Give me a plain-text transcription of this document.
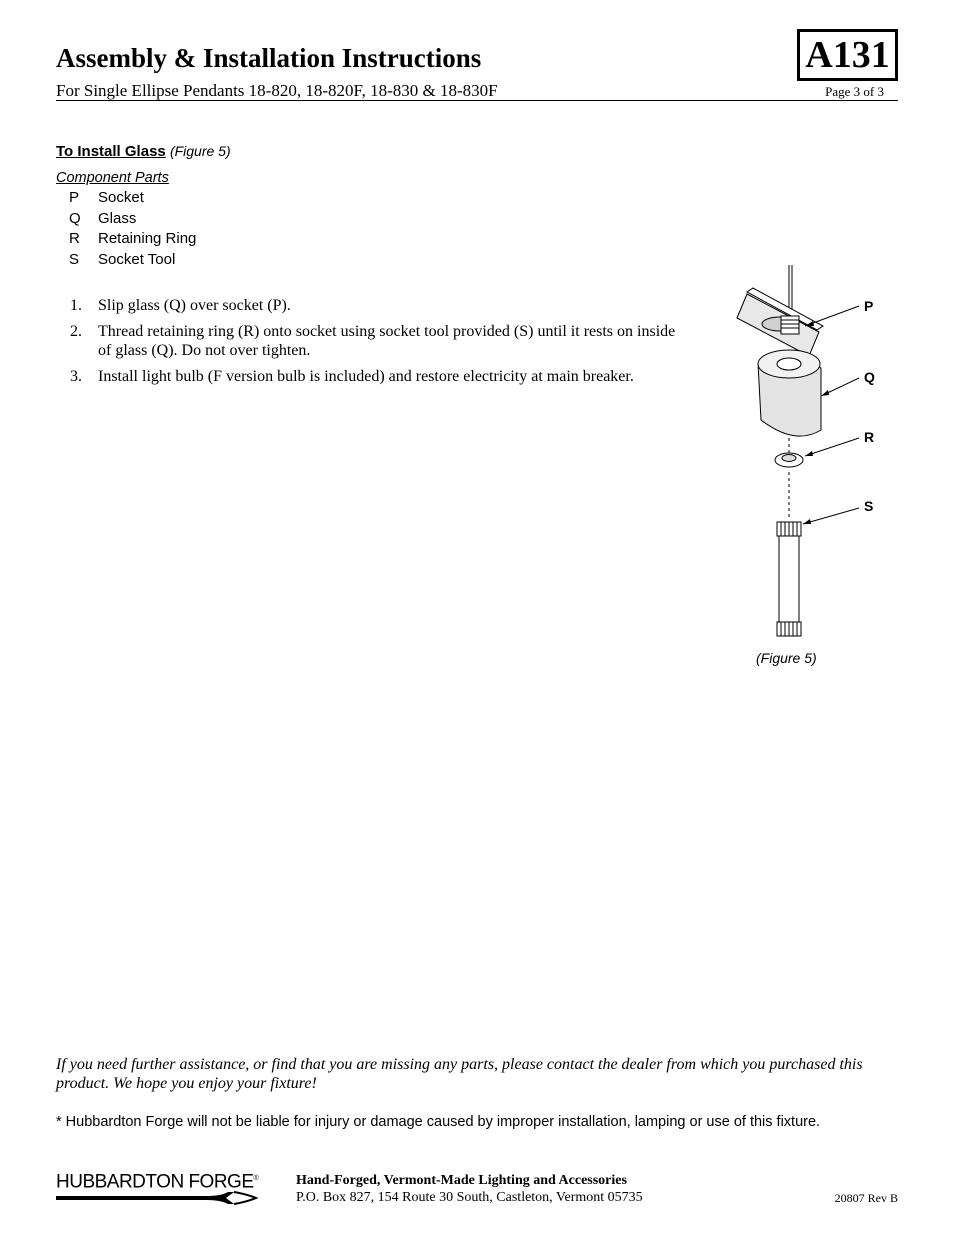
Assembly & Installation Instructions
For Single Ellipse Pendants 18-820, 18-820F, 18-830 & 18-830F	Page 3 of 3
A131
To Install Glass (Figure 5)
Component Parts
P Socket
Q Glass
R Retaining Ring
S Socket Tool
1.	Slip glass (Q) over socket (P).
2.	Thread retaining ring (R) onto socket using socket tool provided (S) until it rests on inside of glass (Q). Do not over tighten.
3.	Install light bulb (F version bulb is included) and restore electricity at main breaker.
P
Q
R
S
(Figure 5)
If you need further assistance, or find that you are missing any parts, please contact the dealer from which you purchased this product. We hope you enjoy your fixture!
* Hubbardton Forge will not be liable for injury or damage caused by improper installation, lamping or use of this fixture.
HUBBARDTON FORGE®	Hand-Forged, Vermont-Made Lighting and Accessories
P.O. Box 827, 154 Route 30 South, Castleton, Vermont 05735	20807 Rev B
